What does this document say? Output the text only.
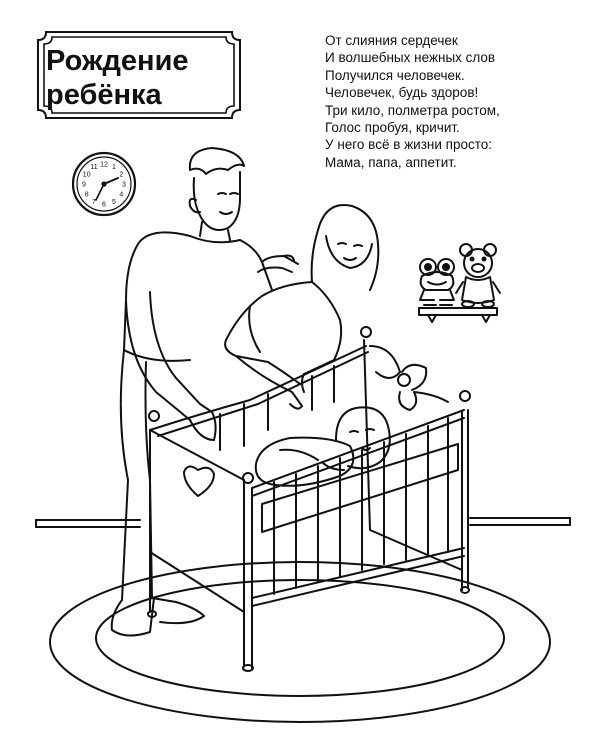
Рождение
ребёнка
От слияния сердечек
И волшебных нежных слов
Получился человечек.
Человечек, будь здоров!
Три кило, полметра ростом,
Голос пробуя, кричит.
У него всё в жизни просто:
Мама, папа, аппетит.
12 1
2
3
4
5
6
7
8
9
10
11
